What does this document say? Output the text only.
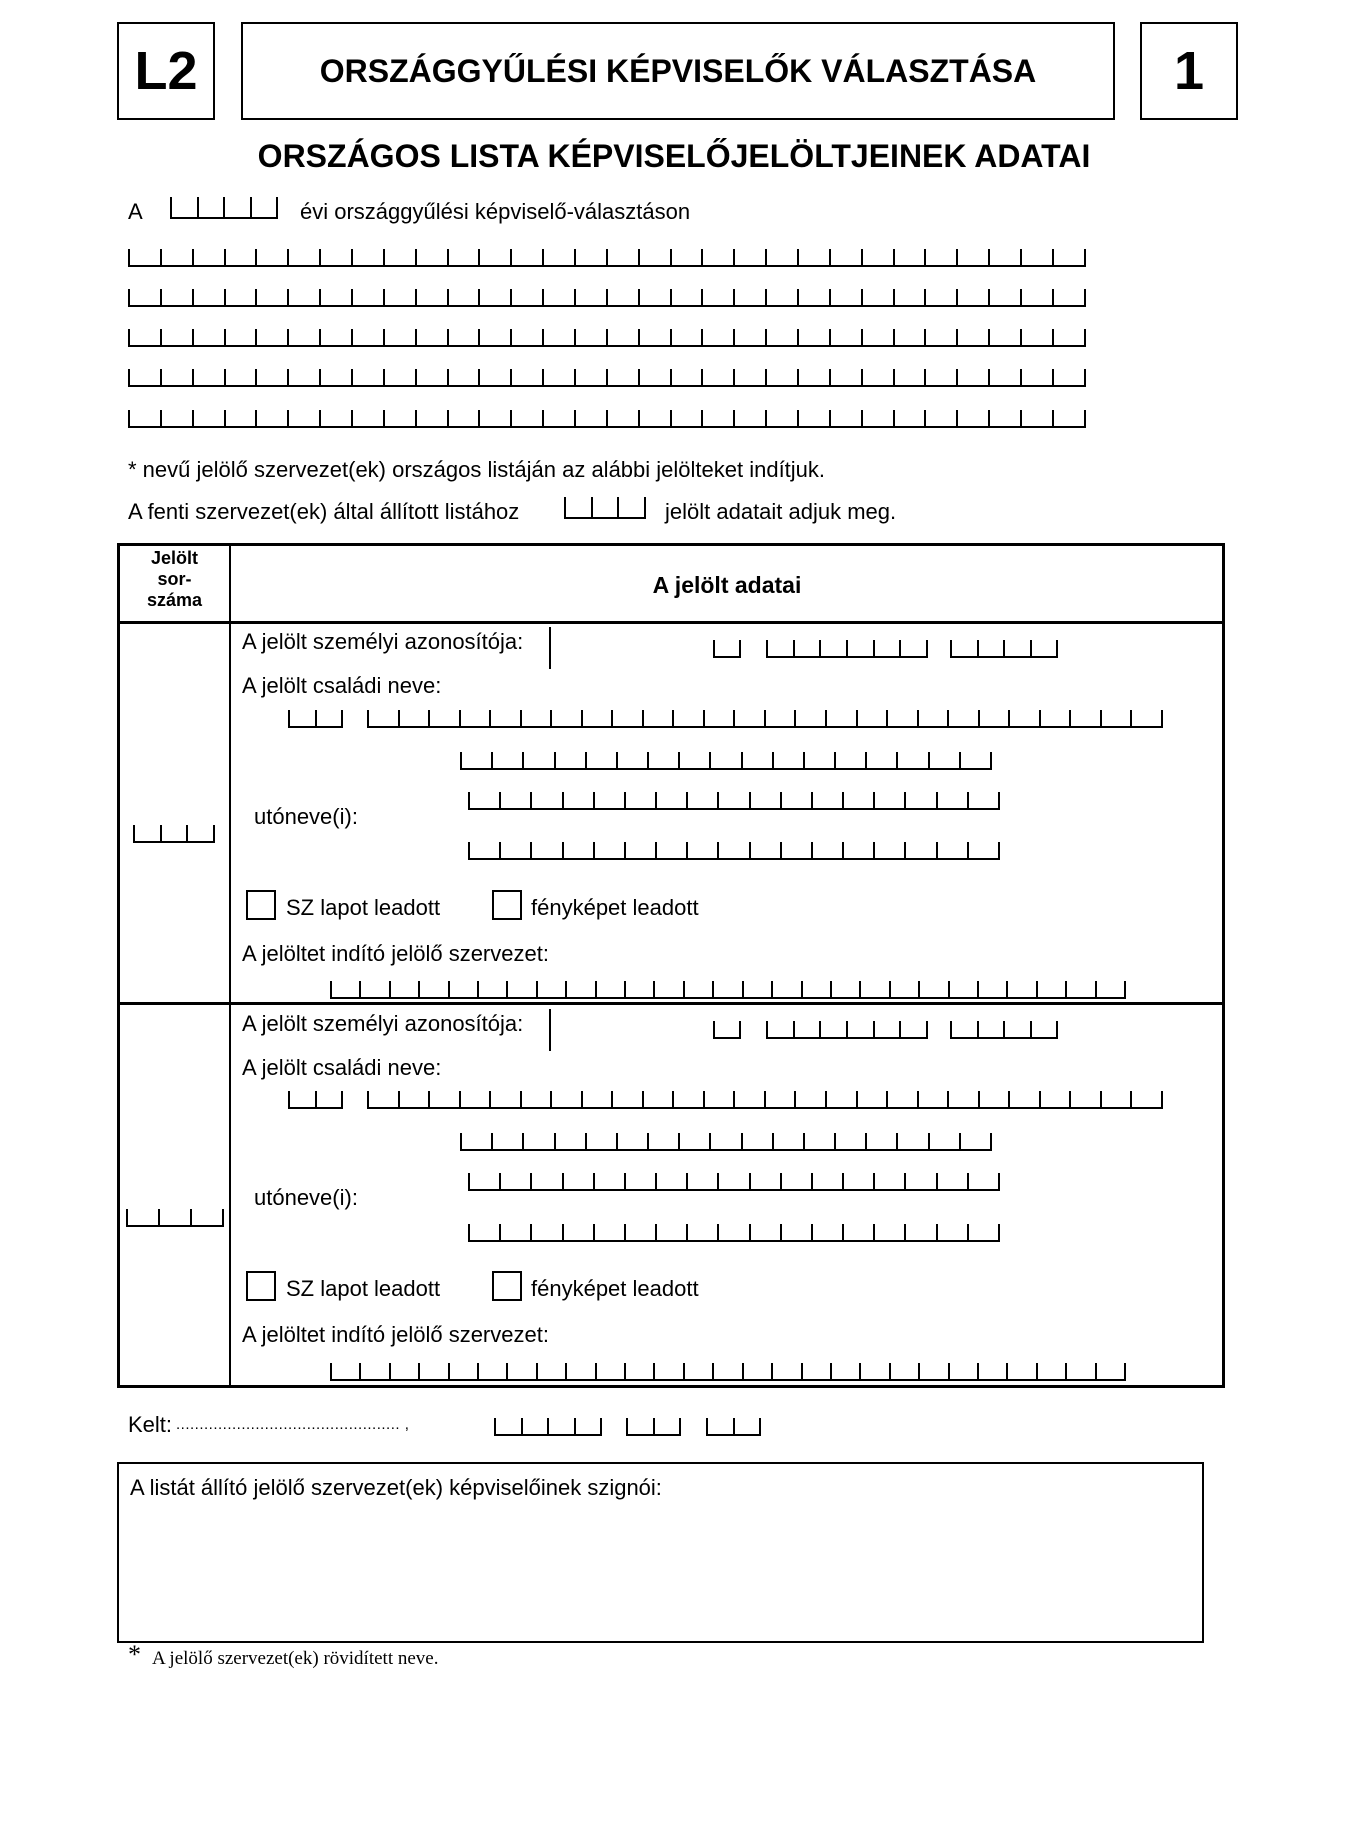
L2	ORSZÁGGYŰLÉSI KÉPVISELŐK VÁLASZTÁSA	1
ORSZÁGOS LISTA KÉPVISELŐJELÖLTJEINEK ADATAI
A	évi országgyűlési képviselő-választáson
* nevű jelölő szervezet(ek) országos listáján az alábbi jelölteket indítjuk.
A fenti szervezet(ek) által állított listához	jelölt adatait adjuk meg.
Jelölt
sor-
száma
A jelölt adatai
A jelölt személyi azonosítója:
A jelölt családi neve:
utóneve(i):
SZ lapot leadott	fényképet leadott
A jelöltet indító jelölő szervezet:
A jelölt személyi azonosítója:
A jelölt családi neve:
utóneve(i):
SZ lapot leadott	fényképet leadott
A jelöltet indító jelölő szervezet:
Kelt: ................................................ ,
A listát állító jelölő szervezet(ek) képviselőinek szignói:
* A jelölő szervezet(ek) rövidített neve.
